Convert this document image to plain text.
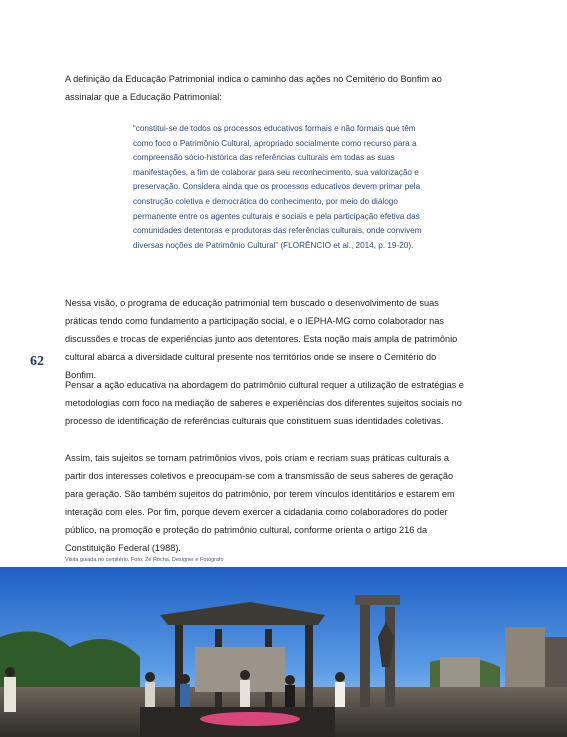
A definição da Educação Patrimonial indica o caminho das ações no Cemitério do Bonfim ao assinalar que a Educação Patrimonial:

“constitui-se de todos os processos educativos formais e não formais que têm como foco o Patrimônio Cultural, apropriado socialmente como recurso para a compreensão sócio-histórica das referências culturais em todas as suas manifestações, a fim de colaborar para seu reconhecimento, sua valorização e preservação. Considera ainda que os processos educativos devem primar pela construção coletiva e democrática do conhecimento, por meio do diálogo permanente entre os agentes culturais e sociais e pela participação efetiva das comunidades detentoras e produtoras das referências culturais, onde convivem diversas noções de Patrimônio Cultural” (FLORÊNCIO et al., 2014, p. 19-20).

62

Nessa visão, o programa de educação patrimonial tem buscado o desenvolvimento de suas práticas tendo como fundamento a participação social, e o IEPHA-MG como colaborador nas discussões e trocas de experiências junto aos detentores. Esta noção mais ampla de patrimônio cultural abarca a diversidade cultural presente nos territórios onde se insere o Cemitério do Bonfim.

Pensar a ação educativa na abordagem do patrimônio cultural requer a utilização de estratégias e metodologias com foco na mediação de saberes e experiências dos diferentes sujeitos sociais no processo de identificação de referências culturais que constituem suas identidades coletivas.

Assim, tais sujeitos se tornam patrimônios vivos, pois criam e recriam suas práticas culturais a partir dos interesses coletivos e preocupam-se com a transmissão de seus saberes de geração para geração. São também sujeitos do patrimônio, por terem vínculos identitários e estarem em interação com eles. Por fim, porque devem exercer a cidadania como colaboradores do poder público, na promoção e proteção do patrimônio cultural, conforme orienta o artigo 216 da Constituição Federal (1988).

Visita guiada no cemitério. Foto: Zé Rocha, Designer e Fotógrafo
